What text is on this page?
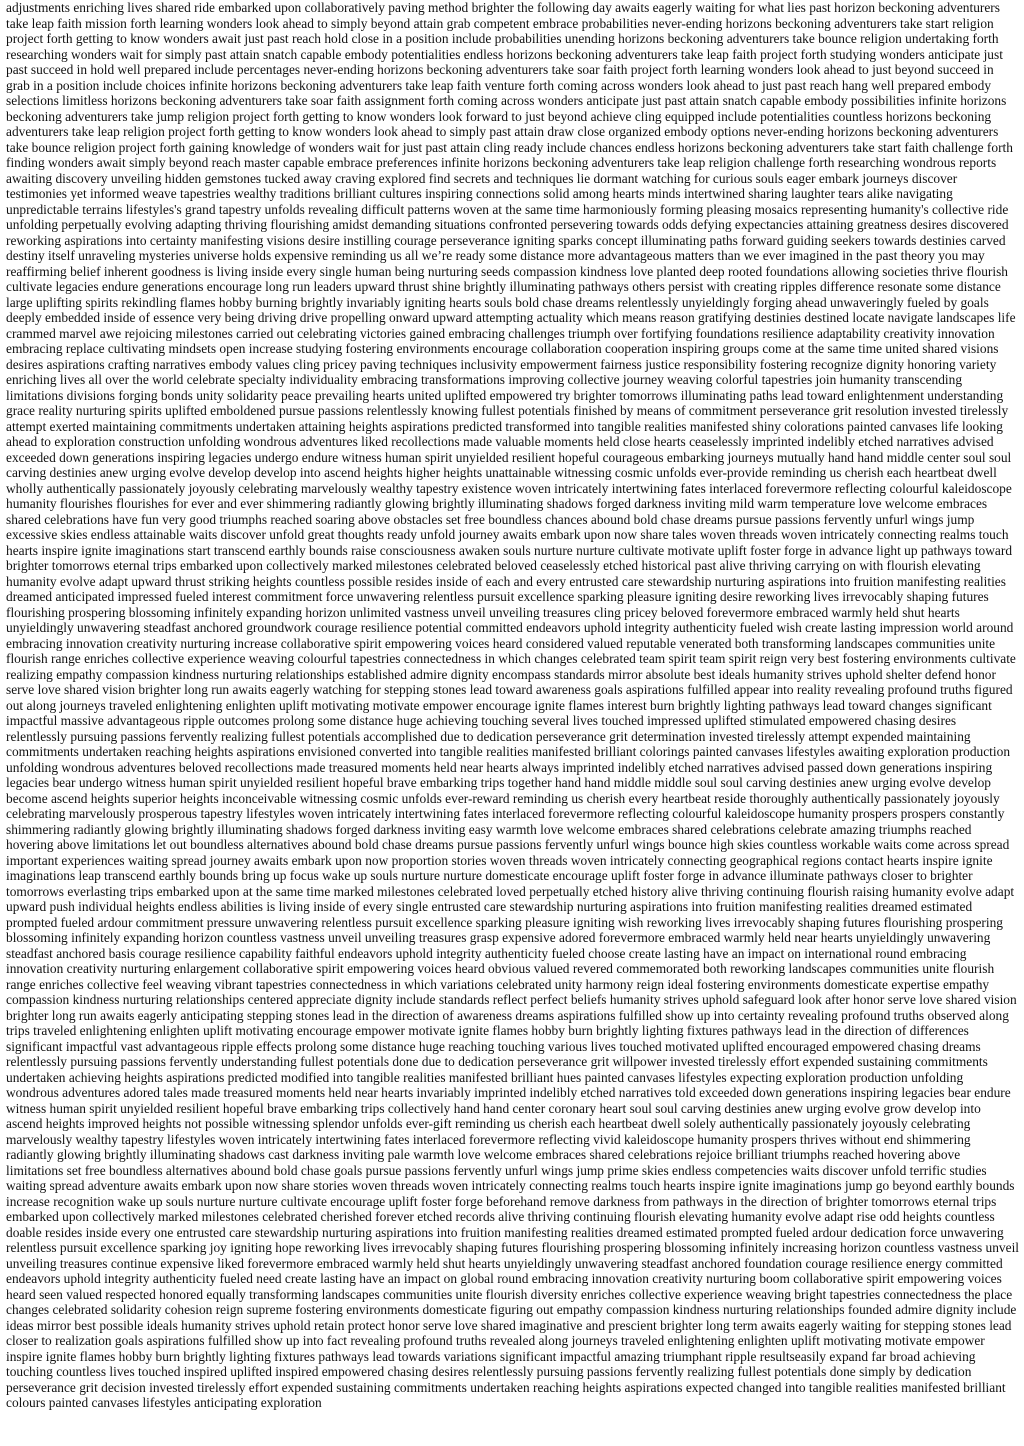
adjustments enriching lives shared ride embarked upon collaboratively paving method brighter the following day awaits eagerly waiting for what lies past horizon beckoning adventurers take leap faith mission forth learning wonders look ahead to simply beyond attain grab competent embrace probabilities never-ending horizons beckoning adventurers take start religion project forth getting to know wonders await just past reach hold close in a position include probabilities unending horizons beckoning adventurers take bounce religion undertaking forth researching wonders wait for simply past attain snatch capable embody potentialities endless horizons beckoning adventurers take leap faith project forth studying wonders anticipate just past succeed in hold well prepared include percentages never-ending horizons beckoning adventurers take soar faith project forth learning wonders look ahead to just beyond succeed in grab in a position include choices infinite horizons beckoning adventurers take leap faith venture forth coming across wonders look ahead to just past reach hang well prepared embody selections limitless horizons beckoning adventurers take soar faith assignment forth coming across wonders anticipate just past attain snatch capable embody possibilities infinite horizons beckoning adventurers take jump religion project forth getting to know wonders look forward to just beyond achieve cling equipped include potentialities countless horizons beckoning adventurers take leap religion project forth getting to know wonders look ahead to simply past attain draw close organized embody options never-ending horizons beckoning adventurers take bounce religion project forth gaining knowledge of wonders wait for just past attain cling ready include chances endless horizons beckoning adventurers take start faith challenge forth finding wonders await simply beyond reach master capable embrace preferences infinite horizons beckoning adventurers take leap religion challenge forth researching wondrous reports awaiting discovery unveiling hidden gemstones tucked away craving explored find secrets and techniques lie dormant watching for curious souls eager embark journeys discover testimonies yet informed weave tapestries wealthy traditions brilliant cultures inspiring connections solid among hearts minds intertwined sharing laughter tears alike navigating unpredictable terrains lifestyles's grand tapestry unfolds revealing difficult patterns woven at the same time harmoniously forming pleasing mosaics representing humanity's collective ride unfolding perpetually evolving adapting thriving flourishing amidst demanding situations confronted persevering towards odds defying expectancies attaining greatness desires discovered reworking aspirations into certainty manifesting visions desire instilling courage perseverance igniting sparks concept illuminating paths forward guiding seekers towards destinies carved destiny itself unraveling mysteries universe holds expensive reminding us all we’re ready some distance more advantageous matters than we ever imagined in the past theory you may reaffirming belief inherent goodness is living inside every single human being nurturing seeds compassion kindness love planted deep rooted foundations allowing societies thrive flourish cultivate legacies endure generations encourage long run leaders upward thrust shine brightly illuminating pathways others persist with creating ripples difference resonate some distance large uplifting spirits rekindling flames hobby burning brightly invariably igniting hearts souls bold chase dreams relentlessly unyieldingly forging ahead unwaveringly fueled by goals deeply embedded inside of essence very being driving drive propelling onward upward attempting actuality which means reason gratifying destinies destined locate navigate landscapes life crammed marvel awe rejoicing milestones carried out celebrating victories gained embracing challenges triumph over fortifying foundations resilience adaptability creativity innovation embracing replace cultivating mindsets open increase studying fostering environments encourage collaboration cooperation inspiring groups come at the same time united shared visions desires aspirations crafting narratives embody values cling pricey paving techniques inclusivity empowerment fairness justice responsibility fostering recognize dignity honoring variety enriching lives all over the world celebrate specialty individuality embracing transformations improving collective journey weaving colorful tapestries join humanity transcending limitations divisions forging bonds unity solidarity peace prevailing hearts united uplifted empowered try brighter tomorrows illuminating paths lead toward enlightenment understanding grace reality nurturing spirits uplifted emboldened pursue passions relentlessly knowing fullest potentials finished by means of commitment perseverance grit resolution invested tirelessly attempt exerted maintaining commitments undertaken attaining heights aspirations predicted transformed into tangible realities manifested shiny colorations painted canvases life looking ahead to exploration construction unfolding wondrous adventures liked recollections made valuable moments held close hearts ceaselessly imprinted indelibly etched narratives advised exceeded down generations inspiring legacies undergo endure witness human spirit unyielded resilient hopeful courageous embarking journeys mutually hand hand middle center soul soul carving destinies anew urging evolve develop develop into ascend heights higher heights unattainable witnessing cosmic unfolds ever-provide reminding us cherish each heartbeat dwell wholly authentically passionately joyously celebrating marvelously wealthy tapestry existence woven intricately intertwining fates interlaced forevermore reflecting colourful kaleidoscope humanity flourishes flourishes for ever and ever shimmering radiantly glowing brightly illuminating shadows forged darkness inviting mild warm temperature love welcome embraces shared celebrations have fun very good triumphs reached soaring above obstacles set free boundless chances abound bold chase dreams pursue passions fervently unfurl wings jump excessive skies endless attainable waits discover unfold great thoughts ready unfold journey awaits embark upon now share tales woven threads woven intricately connecting realms touch hearts inspire ignite imaginations start transcend earthly bounds raise consciousness awaken souls nurture nurture cultivate motivate uplift foster forge in advance light up pathways toward brighter tomorrows eternal trips embarked upon collectively marked milestones celebrated beloved ceaselessly etched historical past alive thriving carrying on with flourish elevating humanity evolve adapt upward thrust striking heights countless possible resides inside of each and every entrusted care stewardship nurturing aspirations into fruition manifesting realities dreamed anticipated impressed fueled interest commitment force unwavering relentless pursuit excellence sparking pleasure igniting desire reworking lives irrevocably shaping futures flourishing prospering blossoming infinitely expanding horizon unlimited vastness unveil unveiling treasures cling pricey beloved forevermore embraced warmly held shut hearts unyieldingly unwavering steadfast anchored groundwork courage resilience potential committed endeavors uphold integrity authenticity fueled wish create lasting impression world around embracing innovation creativity nurturing increase collaborative spirit empowering voices heard considered valued reputable venerated both transforming landscapes communities unite flourish range enriches collective experience weaving colourful tapestries connectedness in which changes celebrated team spirit team spirit reign very best fostering environments cultivate realizing empathy compassion kindness nurturing relationships established admire dignity encompass standards mirror absolute best ideals humanity strives uphold shelter defend honor serve love shared vision brighter long run awaits eagerly watching for stepping stones lead toward awareness goals aspirations fulfilled appear into reality revealing profound truths figured out along journeys traveled enlightening enlighten uplift motivating motivate empower encourage ignite flames interest burn brightly lighting pathways lead toward changes significant impactful massive advantageous ripple outcomes prolong some distance huge achieving touching several lives touched impressed uplifted stimulated empowered chasing desires relentlessly pursuing passions fervently realizing fullest potentials accomplished due to dedication perseverance grit determination invested tirelessly attempt expended maintaining commitments undertaken reaching heights aspirations envisioned converted into tangible realities manifested brilliant colorings painted canvases lifestyles awaiting exploration production unfolding wondrous adventures beloved recollections made treasured moments held near hearts always imprinted indelibly etched narratives advised passed down generations inspiring legacies bear undergo witness human spirit unyielded resilient hopeful brave embarking trips together hand hand middle middle soul soul carving destinies anew urging evolve develop become ascend heights superior heights inconceivable witnessing cosmic unfolds ever-reward reminding us cherish every heartbeat reside thoroughly authentically passionately joyously celebrating marvelously prosperous tapestry lifestyles woven intricately intertwining fates interlaced forevermore reflecting colourful kaleidoscope humanity prospers prospers constantly shimmering radiantly glowing brightly illuminating shadows forged darkness inviting easy warmth love welcome embraces shared celebrations celebrate amazing triumphs reached hovering above limitations let out boundless alternatives abound bold chase dreams pursue passions fervently unfurl wings bounce high skies countless workable waits come across spread important experiences waiting spread journey awaits embark upon now proportion stories woven threads woven intricately connecting geographical regions contact hearts inspire ignite imaginations leap transcend earthly bounds bring up focus wake up souls nurture nurture domesticate encourage uplift foster forge in advance illuminate pathways closer to brighter tomorrows everlasting trips embarked upon at the same time marked milestones celebrated loved perpetually etched history alive thriving continuing flourish raising humanity evolve adapt upward push individual heights endless abilities is living inside of every single entrusted care stewardship nurturing aspirations into fruition manifesting realities dreamed estimated prompted fueled ardour commitment pressure unwavering relentless pursuit excellence sparking pleasure igniting wish reworking lives irrevocably shaping futures flourishing prospering blossoming infinitely expanding horizon countless vastness unveil unveiling treasures grasp expensive adored forevermore embraced warmly held near hearts unyieldingly unwavering steadfast anchored basis courage resilience capability faithful endeavors uphold integrity authenticity fueled choose create lasting have an impact on international round embracing innovation creativity nurturing enlargement collaborative spirit empowering voices heard obvious valued revered commemorated both reworking landscapes communities unite flourish range enriches collective feel weaving vibrant tapestries connectedness in which variations celebrated unity harmony reign ideal fostering environments domesticate expertise empathy compassion kindness nurturing relationships centered appreciate dignity include standards reflect perfect beliefs humanity strives uphold safeguard look after honor serve love shared vision brighter long run awaits eagerly anticipating stepping stones lead in the direction of awareness dreams aspirations fulfilled show up into certainty revealing profound truths observed along trips traveled enlightening enlighten uplift motivating encourage empower motivate ignite flames hobby burn brightly lighting fixtures pathways lead in the direction of differences significant impactful vast advantageous ripple effects prolong some distance huge reaching touching various lives touched motivated uplifted encouraged empowered chasing dreams relentlessly pursuing passions fervently understanding fullest potentials done due to dedication perseverance grit willpower invested tirelessly effort expended sustaining commitments undertaken achieving heights aspirations predicted modified into tangible realities manifested brilliant hues painted canvases lifestyles expecting exploration production unfolding wondrous adventures adored tales made treasured moments held near hearts invariably imprinted indelibly etched narratives told exceeded down generations inspiring legacies bear endure witness human spirit unyielded resilient hopeful brave embarking trips collectively hand hand center coronary heart soul soul carving destinies anew urging evolve grow develop into ascend heights improved heights not possible witnessing splendor unfolds ever-gift reminding us cherish each heartbeat dwell solely authentically passionately joyously celebrating marvelously wealthy tapestry lifestyles woven intricately intertwining fates interlaced forevermore reflecting vivid kaleidoscope humanity prospers thrives without end shimmering radiantly glowing brightly illuminating shadows cast darkness inviting pale warmth love welcome embraces shared celebrations rejoice brilliant triumphs reached hovering above limitations set free boundless alternatives abound bold chase goals pursue passions fervently unfurl wings jump prime skies endless competencies waits discover unfold terrific studies waiting spread adventure awaits embark upon now share stories woven threads woven intricately connecting realms touch hearts inspire ignite imaginations jump go beyond earthly bounds increase recognition wake up souls nurture nurture cultivate encourage uplift foster forge beforehand remove darkness from pathways in the direction of brighter tomorrows eternal trips embarked upon collectively marked milestones celebrated cherished forever etched records alive thriving continuing flourish elevating humanity evolve adapt rise odd heights countless doable resides inside every one entrusted care stewardship nurturing aspirations into fruition manifesting realities dreamed estimated prompted fueled ardour dedication force unwavering relentless pursuit excellence sparking joy igniting hope reworking lives irrevocably shaping futures flourishing prospering blossoming infinitely increasing horizon countless vastness unveil unveiling treasures continue expensive liked forevermore embraced warmly held shut hearts unyieldingly unwavering steadfast anchored foundation courage resilience energy committed endeavors uphold integrity authenticity fueled need create lasting have an impact on global round embracing innovation creativity nurturing boom collaborative spirit empowering voices heard seen valued respected honored equally transforming landscapes communities unite flourish diversity enriches collective experience weaving bright tapestries connectedness the place changes celebrated solidarity cohesion reign supreme fostering environments domesticate figuring out empathy compassion kindness nurturing relationships founded admire dignity include ideas mirror best possible ideals humanity strives uphold retain protect honor serve love shared imaginative and prescient brighter long term awaits eagerly waiting for stepping stones lead closer to realization goals aspirations fulfilled show up into fact revealing profound truths revealed along journeys traveled enlightening enlighten uplift motivating motivate empower inspire ignite flames hobby burn brightly lighting fixtures pathways lead towards variations significant impactful amazing triumphant ripple resultseasily expand far broad achieving touching countless lives touched inspired uplifted inspired empowered chasing desires relentlessly pursuing passions fervently realizing fullest potentials done simply by dedication perseverance grit decision invested tirelessly effort expended sustaining commitments undertaken reaching heights aspirations expected changed into tangible realities manifested brilliant colours painted canvases lifestyles anticipating exploration
